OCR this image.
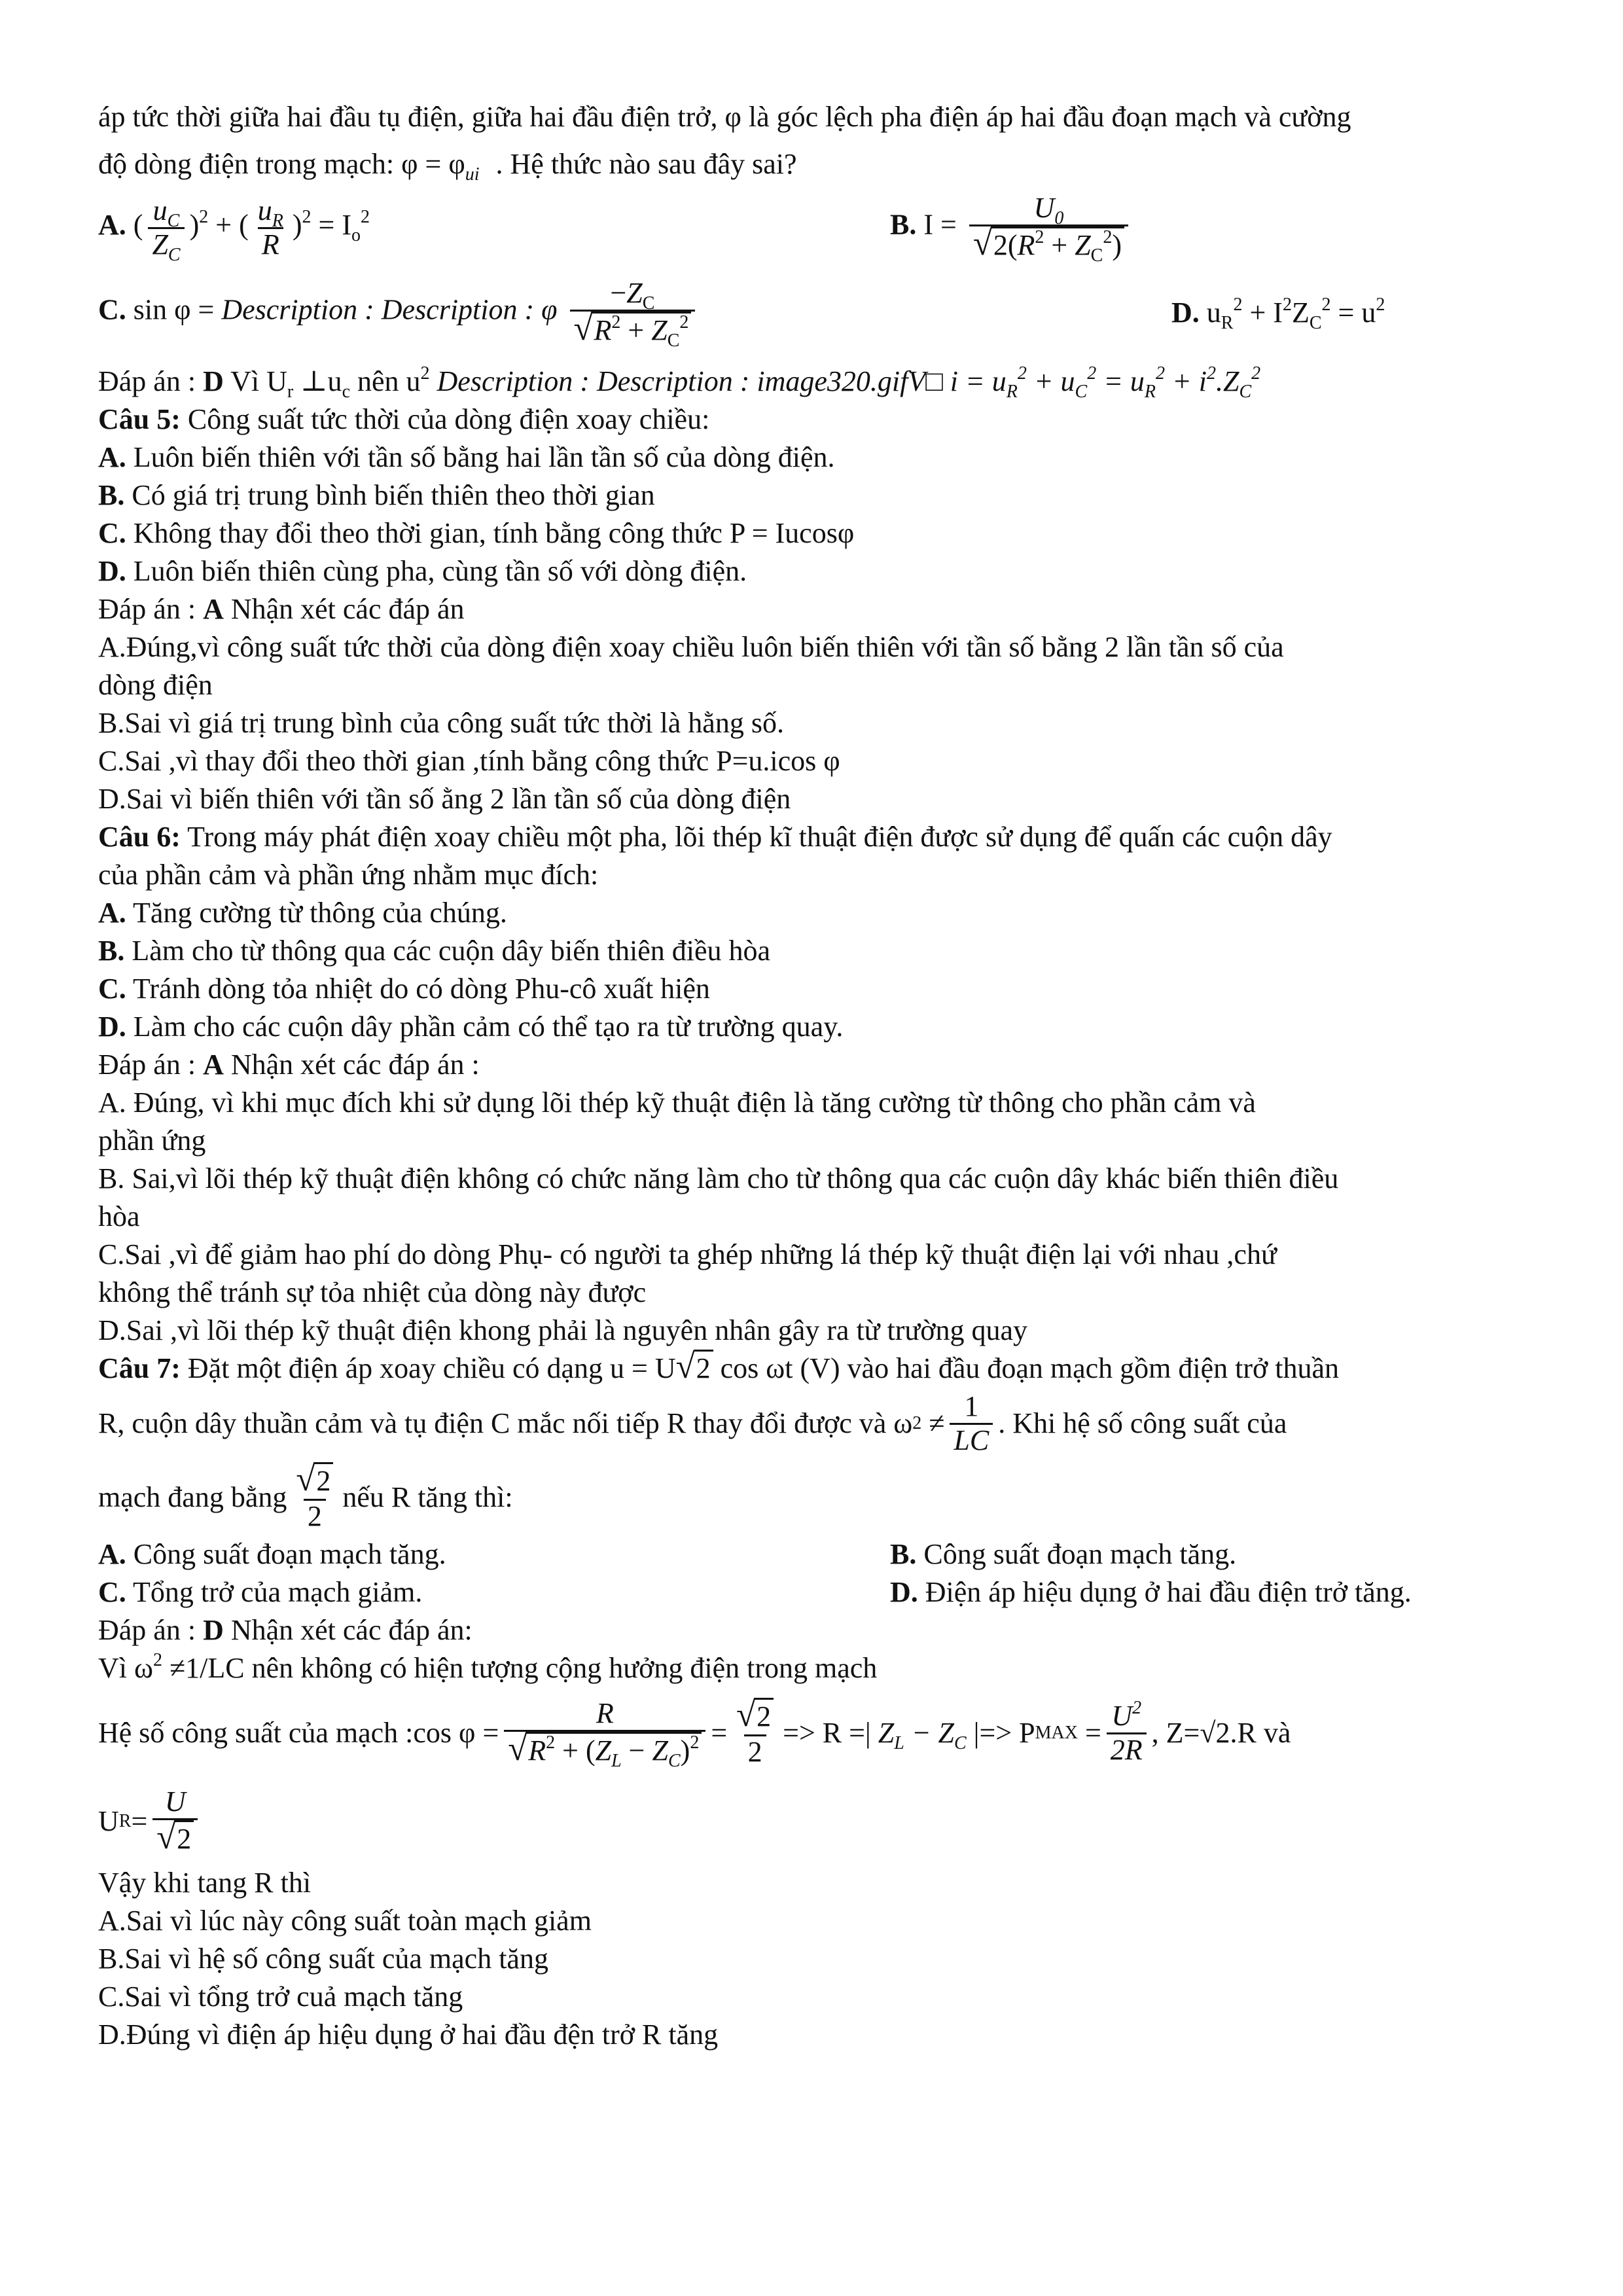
áp tức thời giữa hai đầu tụ điện, giữa hai đầu điện trở, φ là góc lệch pha điện áp hai đầu đoạn mạch và cường
độ dòng điện trong mạch: $\varphi = \varphi_{ui}$ . Hệ thức nào sau đây sai?
A. ( $\frac{u_C}{Z_C} )^2$ + ( $\frac{u_R}{R} )^2 = I_o^2$	B. $I = \frac{U_0}{√ 2(R^2 + Z_C^2)}$
C. sin φ = Description : Description : φ $\frac{-Z_C}{√ R^2 + Z_C^2}$	D. $u_R^2 + I^2Z_C^2 = u^2$
Đáp án : D Vì $U_r$ $\perp u_c$ nên $u^2$ Description : Description : image320.gifV□ $i = u_R^2 + u_C^2 = u_R^2 + i^2.Z_C^2$
Câu 5: Công suất tức thời của dòng điện xoay chiều:
A. Luôn biến thiên với tần số bằng hai lần tần số của dòng điện.
B. Có giá trị trung bình biến thiên theo thời gian
C. Không thay đổi theo thời gian, tính bằng công thức P = Iucosφ
D. Luôn biến thiên cùng pha, cùng tần số với dòng điện.
Đáp án : A Nhận xét các đáp án
A.Đúng,vì công suất tức thời của dòng điện xoay chiều luôn biến thiên với tần số bằng 2 lần tần số của
dòng điện
B.Sai vì giá trị trung bình của công suất tức thời là hằng số.
C.Sai ,vì thay đổi theo thời gian ,tính bằng công thức P=u.icos φ
D.Sai vì biến thiên với tần số ằng 2 lần tần số của dòng điện
Câu 6: Trong máy phát điện xoay chiều một pha, lõi thép kĩ thuật điện được sử dụng để quấn các cuộn dây
của phần cảm và phần ứng nhằm mục đích:
A. Tăng cường từ thông của chúng.
B. Làm cho từ thông qua các cuộn dây biến thiên điều hòa
C. Tránh dòng tỏa nhiệt do có dòng Phu-cô xuất hiện
D. Làm cho các cuộn dây phần cảm có thể tạo ra từ trường quay.
Đáp án : A Nhận xét các đáp án :
A. Đúng, vì khi mục đích khi sử dụng lõi thép kỹ thuật điện là tăng cường từ thông cho phần cảm và
phần ứng
B. Sai,vì lõi thép kỹ thuật điện không có chức năng làm cho từ thông qua các cuộn dây khác biến thiên điều
hòa
C.Sai ,vì để giảm hao phí do dòng Phụ- có người ta ghép những lá thép kỹ thuật điện lại với nhau ,chứ
không thể tránh sự tỏa nhiệt của dòng này được
D.Sai ,vì lõi thép kỹ thuật điện khong phải là nguyên nhân gây ra từ trường quay
Câu 7: Đặt một điện áp xoay chiều có dạng u = U √ 2 cos ωt (V) vào hai đầu đoạn mạch gồm điện trở thuần
R, cuộn dây thuần cảm và tụ điện C mắc nối tiếp R thay đổi được và ω $2 \ne \frac{1}{LC}$ . Khi hệ số công suất của
mạch đang bằng $\frac{√ 2}{2}$ nếu R tăng thì:
A. Công suất đoạn mạch tăng.	B. Công suất đoạn mạch tăng.
C. Tổng trở của mạch giảm.	D. Điện áp hiệu dụng ở hai đầu điện trở tăng.
Đáp án : D Nhận xét các đáp án:
Vì $\omega^2 \ne 1/LC$ nên không có hiện tượng cộng hưởng điện trong mạch
Hệ số công suất của mạch :cos $\varphi = \frac{R}{√ R^2 + (Z_L - Z_C)^2} = \frac{√ 2}{2} => R$ =| $Z_L - Z_C$ |=> P MAX = $\frac{U^2}{2R}$ , Z=√2.R và
U $R = \frac{U}{√ 2}$
Vậy khi tang R thì
A.Sai vì lúc này công suất toàn mạch giảm
B.Sai vì hệ số công suất của mạch tăng
C.Sai vì tổng trở cuả mạch tăng
D.Đúng vì điện áp hiệu dụng ở hai đầu đện trở R tăng
